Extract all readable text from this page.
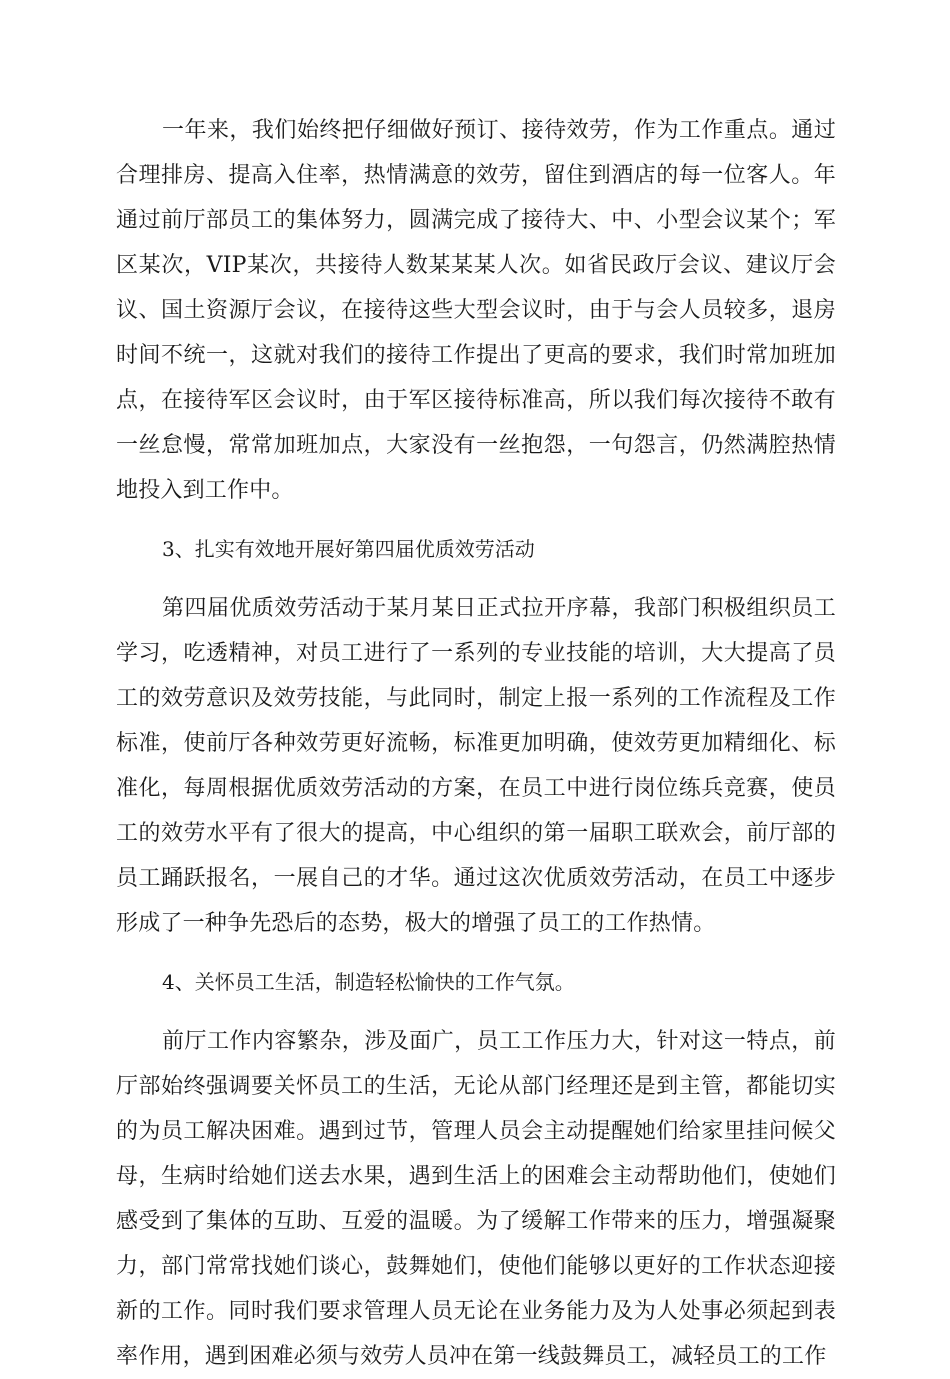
一年来，我们始终把仔细做好预订、接待效劳，作为工作重点。通过合理排房、提高入住率，热情满意的效劳，留住到酒店的每一位客人。年通过前厅部员工的集体努力，圆满完成了接待大、中、小型会议某个；军区某次，VIP某次，共接待人数某某某人次。如省民政厅会议、建议厅会议、国土资源厅会议，在接待这些大型会议时，由于与会人员较多，退房时间不统一，这就对我们的接待工作提出了更高的要求，我们时常加班加点，在接待军区会议时，由于军区接待标准高，所以我们每次接待不敢有一丝怠慢，常常加班加点，大家没有一丝抱怨，一句怨言，仍然满腔热情地投入到工作中。

3、扎实有效地开展好第四届优质效劳活动

第四届优质效劳活动于某月某日正式拉开序幕，我部门积极组织员工学习，吃透精神，对员工进行了一系列的专业技能的培训，大大提高了员工的效劳意识及效劳技能，与此同时，制定上报一系列的工作流程及工作标准，使前厅各种效劳更好流畅，标准更加明确，使效劳更加精细化、标准化，每周根据优质效劳活动的方案，在员工中进行岗位练兵竞赛，使员工的效劳水平有了很大的提高，中心组织的第一届职工联欢会，前厅部的员工踊跃报名，一展自己的才华。通过这次优质效劳活动，在员工中逐步形成了一种争先恐后的态势，极大的增强了员工的工作热情。

4、关怀员工生活，制造轻松愉快的工作气氛。

前厅工作内容繁杂，涉及面广，员工工作压力大，针对这一特点，前厅部始终强调要关怀员工的生活，无论从部门经理还是到主管，都能切实的为员工解决困难。遇到过节，管理人员会主动提醒她们给家里挂问候父母，生病时给她们送去水果，遇到生活上的困难会主动帮助他们，使她们感受到了集体的互助、互爱的温暖。为了缓解工作带来的压力，增强凝聚力，部门常常找她们谈心，鼓舞她们，使他们能够以更好的工作状态迎接新的工作。同时我们要求管理人员无论在业务能力及为人处事必须起到表率作用，遇到困难必须与效劳人员冲在第一线鼓舞员工，减轻员工的工作
